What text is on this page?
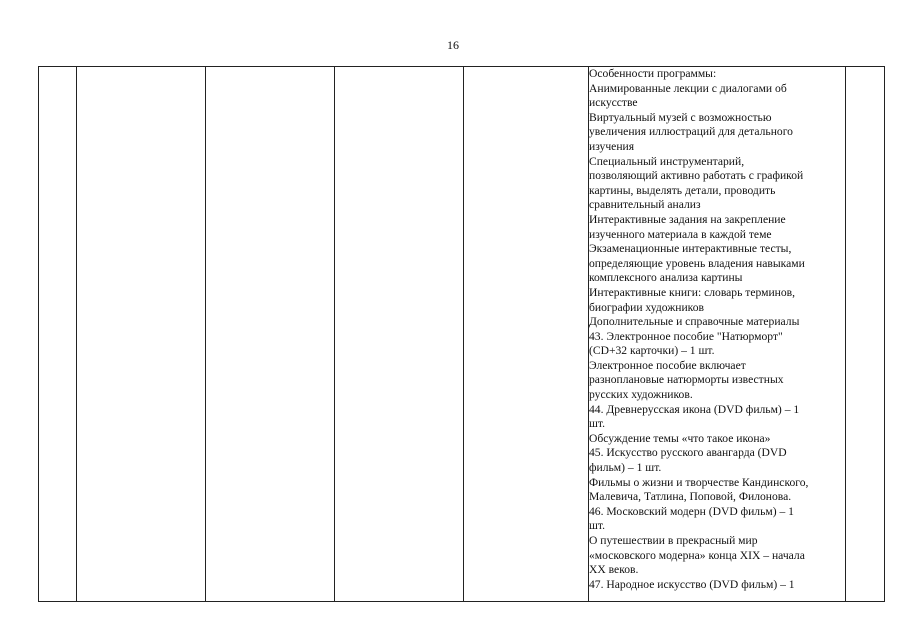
16

Особенности программы:
Анимированные лекции с диалогами об
искусстве
Виртуальный музей с возможностью
увеличения иллюстраций для детального
изучения
Специальный инструментарий,
позволяющий активно работать с графикой
картины, выделять детали, проводить
сравнительный анализ
Интерактивные задания на закрепление
изученного материала в каждой теме
Экзаменационные интерактивные тесты,
определяющие уровень владения навыками
комплексного анализа картины
Интерактивные книги: словарь терминов,
биографии художников
Дополнительные и справочные материалы
43. Электронное пособие "Натюрморт"
(CD+32 карточки) – 1 шт.
Электронное пособие включает
разноплановые натюрморты известных
русских художников.
44. Древнерусская икона (DVD фильм) – 1
шт.
Обсуждение темы «что такое икона»
45. Искусство русского авангарда (DVD
фильм) – 1 шт.
Фильмы о жизни и творчестве Кандинского,
Малевича, Татлина, Поповой, Филонова.
46. Московский модерн (DVD фильм) – 1
шт.
О путешествии в прекрасный мир
«московского модерна» конца XIX – начала
XX веков.
47. Народное искусство (DVD фильм) – 1
